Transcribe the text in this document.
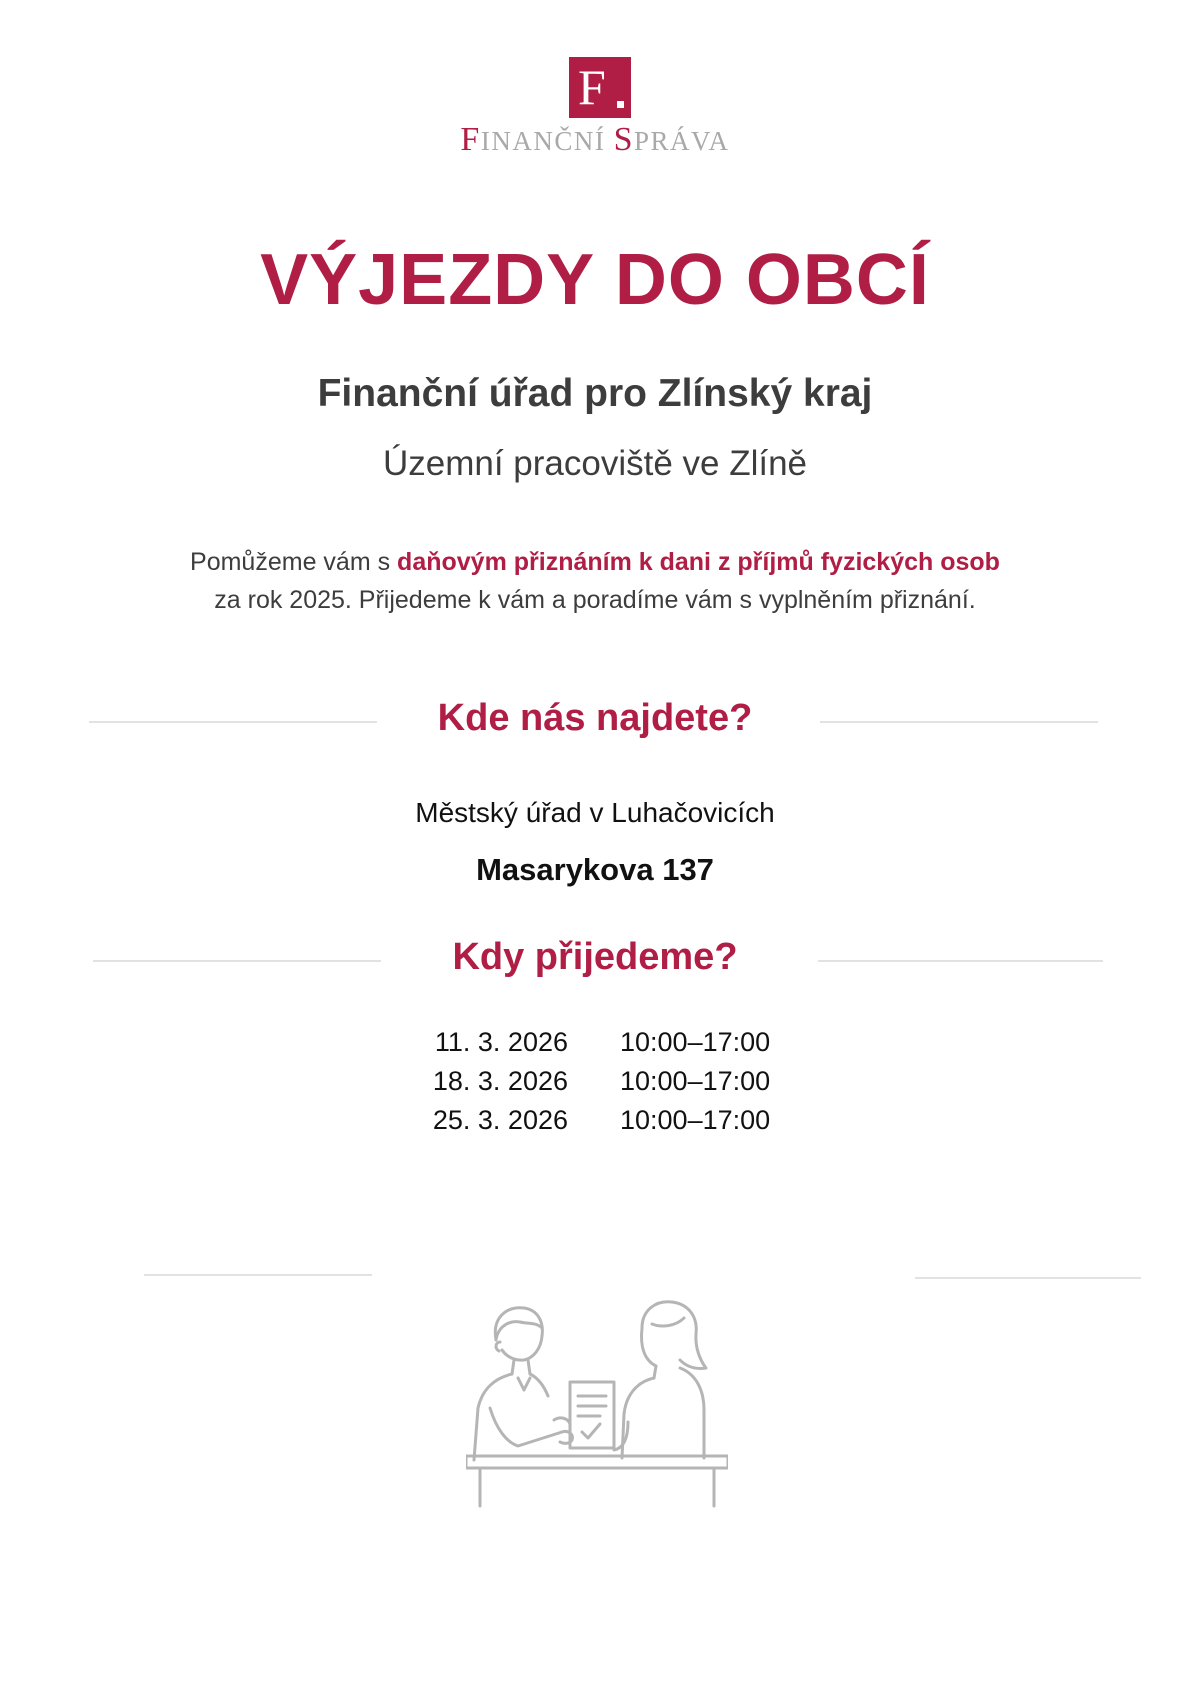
F
FINANČNÍ SPRÁVA
VÝJEZDY DO OBCÍ
Finanční úřad pro Zlínský kraj
Územní pracoviště ve Zlíně
Pomůžeme vám s daňovým přiznáním k dani z příjmů fyzických osob
za rok 2025. Přijedeme k vám a poradíme vám s vyplněním přiznání.
Kde nás najdete?
Městský úřad v Luhačovicích
Masarykova 137
Kdy přijedeme?
11. 3. 2026 10:00–17:00
18. 3. 2026 10:00–17:00
25. 3. 2026 10:00–17:00
